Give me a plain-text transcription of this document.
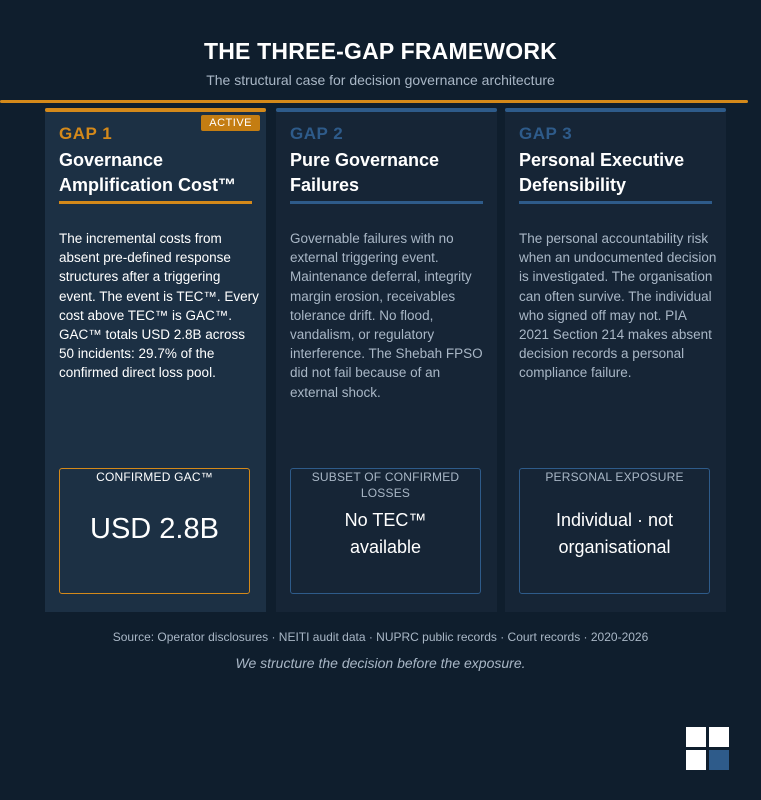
THE THREE-GAP FRAMEWORK
The structural case for decision governance architecture
GAP 1
ACTIVE
Governance Amplification Cost™
The incremental costs from absent pre-defined response structures after a triggering event. The event is TEC™. Every cost above TEC™ is GAC™. GAC™ totals USD 2.8B across 50 incidents: 29.7% of the confirmed direct loss pool.
CONFIRMED GAC™
USD 2.8B
GAP 2
Pure Governance Failures
Governable failures with no external triggering event. Maintenance deferral, integrity margin erosion, receivables tolerance drift. No flood, vandalism, or regulatory interference. The Shebah FPSO did not fail because of an external shock.
SUBSET OF CONFIRMED LOSSES
No TEC™ available
GAP 3
Personal Executive Defensibility
The personal accountability risk when an undocumented decision is investigated. The organisation can often survive. The individual who signed off may not. PIA 2021 Section 214 makes absent decision records a personal compliance failure.
PERSONAL EXPOSURE
Individual · not organisational
Source: Operator disclosures · NEITI audit data · NUPRC public records · Court records · 2020-2026
We structure the decision before the exposure.
